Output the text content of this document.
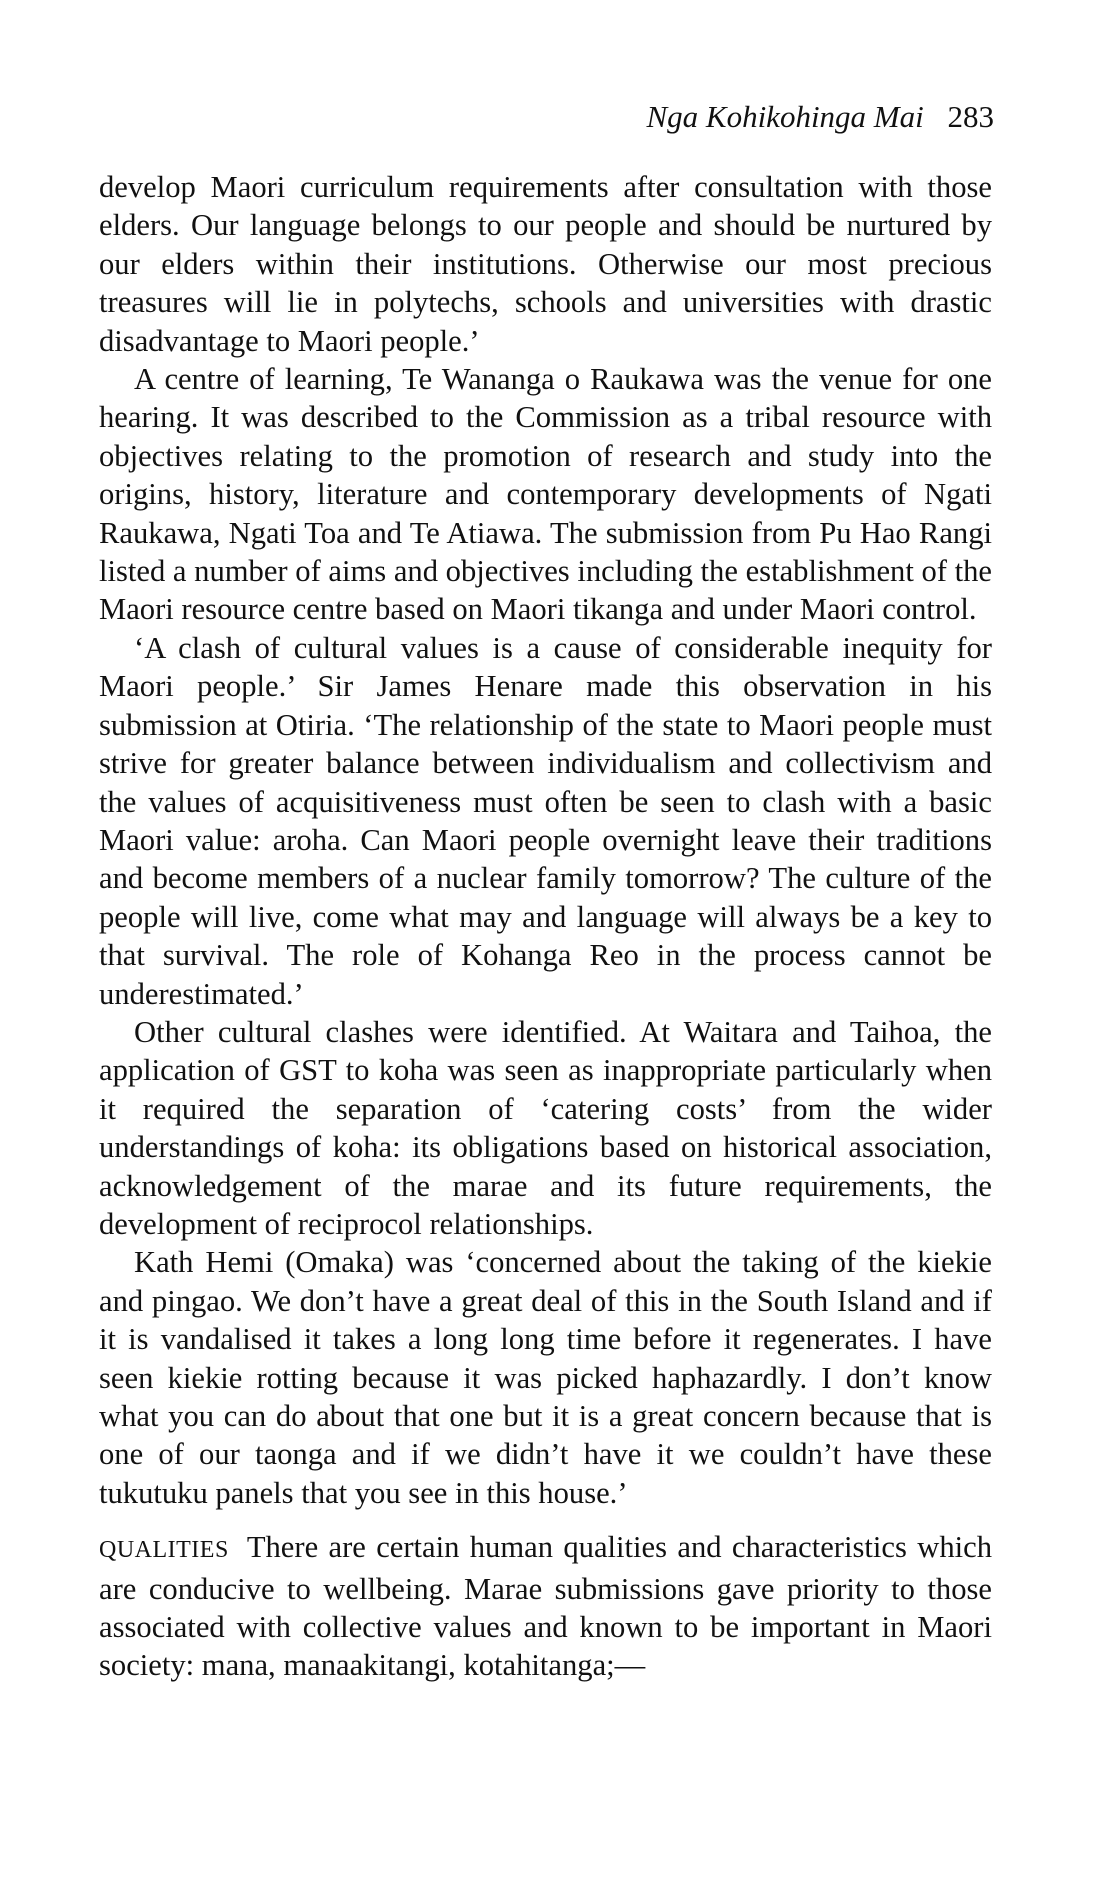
Nga Kohikohinga Mai 283

develop Maori curriculum requirements after consultation with those elders. Our language belongs to our people and should be nurtured by our elders within their institutions. Otherwise our most precious treasures will lie in polytechs, schools and universities with drastic disadvantage to Maori people.’

A centre of learning, Te Wananga o Raukawa was the venue for one hearing. It was described to the Commission as a tribal resource with objectives relating to the promotion of research and study into the origins, history, literature and contemporary developments of Ngati Raukawa, Ngati Toa and Te Atiawa. The submission from Pu Hao Rangi listed a number of aims and objectives including the establishment of the Maori resource centre based on Maori tikanga and under Maori control.

‘A clash of cultural values is a cause of considerable inequity for Maori people.’ Sir James Henare made this observation in his submission at Otiria. ‘The relationship of the state to Maori people must strive for greater balance between individualism and collectivism and the values of acquisitiveness must often be seen to clash with a basic Maori value: aroha. Can Maori people overnight leave their traditions and become members of a nuclear family tomorrow? The culture of the people will live, come what may and language will always be a key to that survival. The role of Kohanga Reo in the process cannot be underestimated.’

Other cultural clashes were identified. At Waitara and Taihoa, the application of GST to koha was seen as inappropriate particularly when it required the separation of ‘catering costs’ from the wider understandings of koha: its obligations based on historical association, acknowledgement of the marae and its future requirements, the development of reciprocol relationships.

Kath Hemi (Omaka) was ‘concerned about the taking of the kiekie and pingao. We don’t have a great deal of this in the South Island and if it is vandalised it takes a long long time before it regenerates. I have seen kiekie rotting because it was picked haphazardly. I don’t know what you can do about that one but it is a great concern because that is one of our taonga and if we didn’t have it we couldn’t have these tukutuku panels that you see in this house.’

QUALITIES There are certain human qualities and characteristics which are conducive to wellbeing. Marae submissions gave priority to those associated with collective values and known to be important in Maori society: mana, manaakitangi, kotahitanga;—
